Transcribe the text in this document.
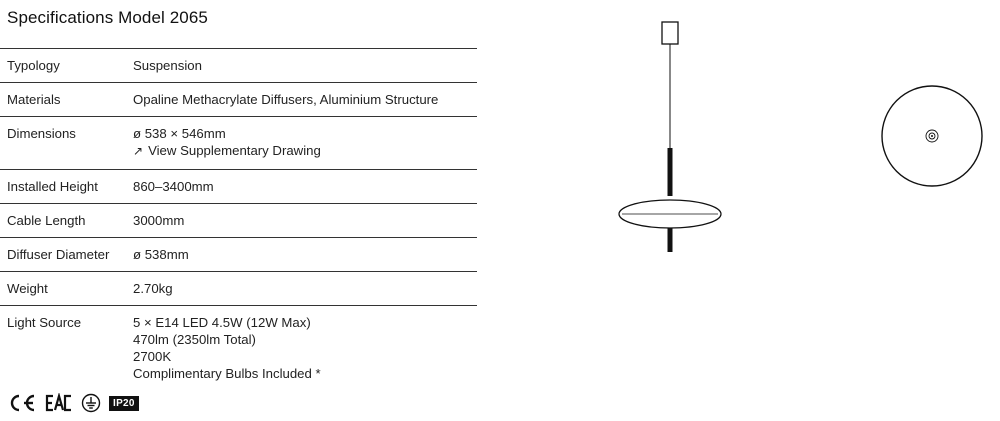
Specifications Model 2065
Typology	Suspension
Materials	Opaline Methacrylate Diffusers, Aluminium Structure
Dimensions	ø 538 × 546mm
↗ View Supplementary Drawing
Installed Height	860–3400mm
Cable Length	3000mm
Diffuser Diameter	ø 538mm
Weight	2.70kg
Light Source	5 × E14 LED 4.5W (12W Max)
470lm (2350lm Total)
2700K
Complimentary Bulbs Included *
IP20
